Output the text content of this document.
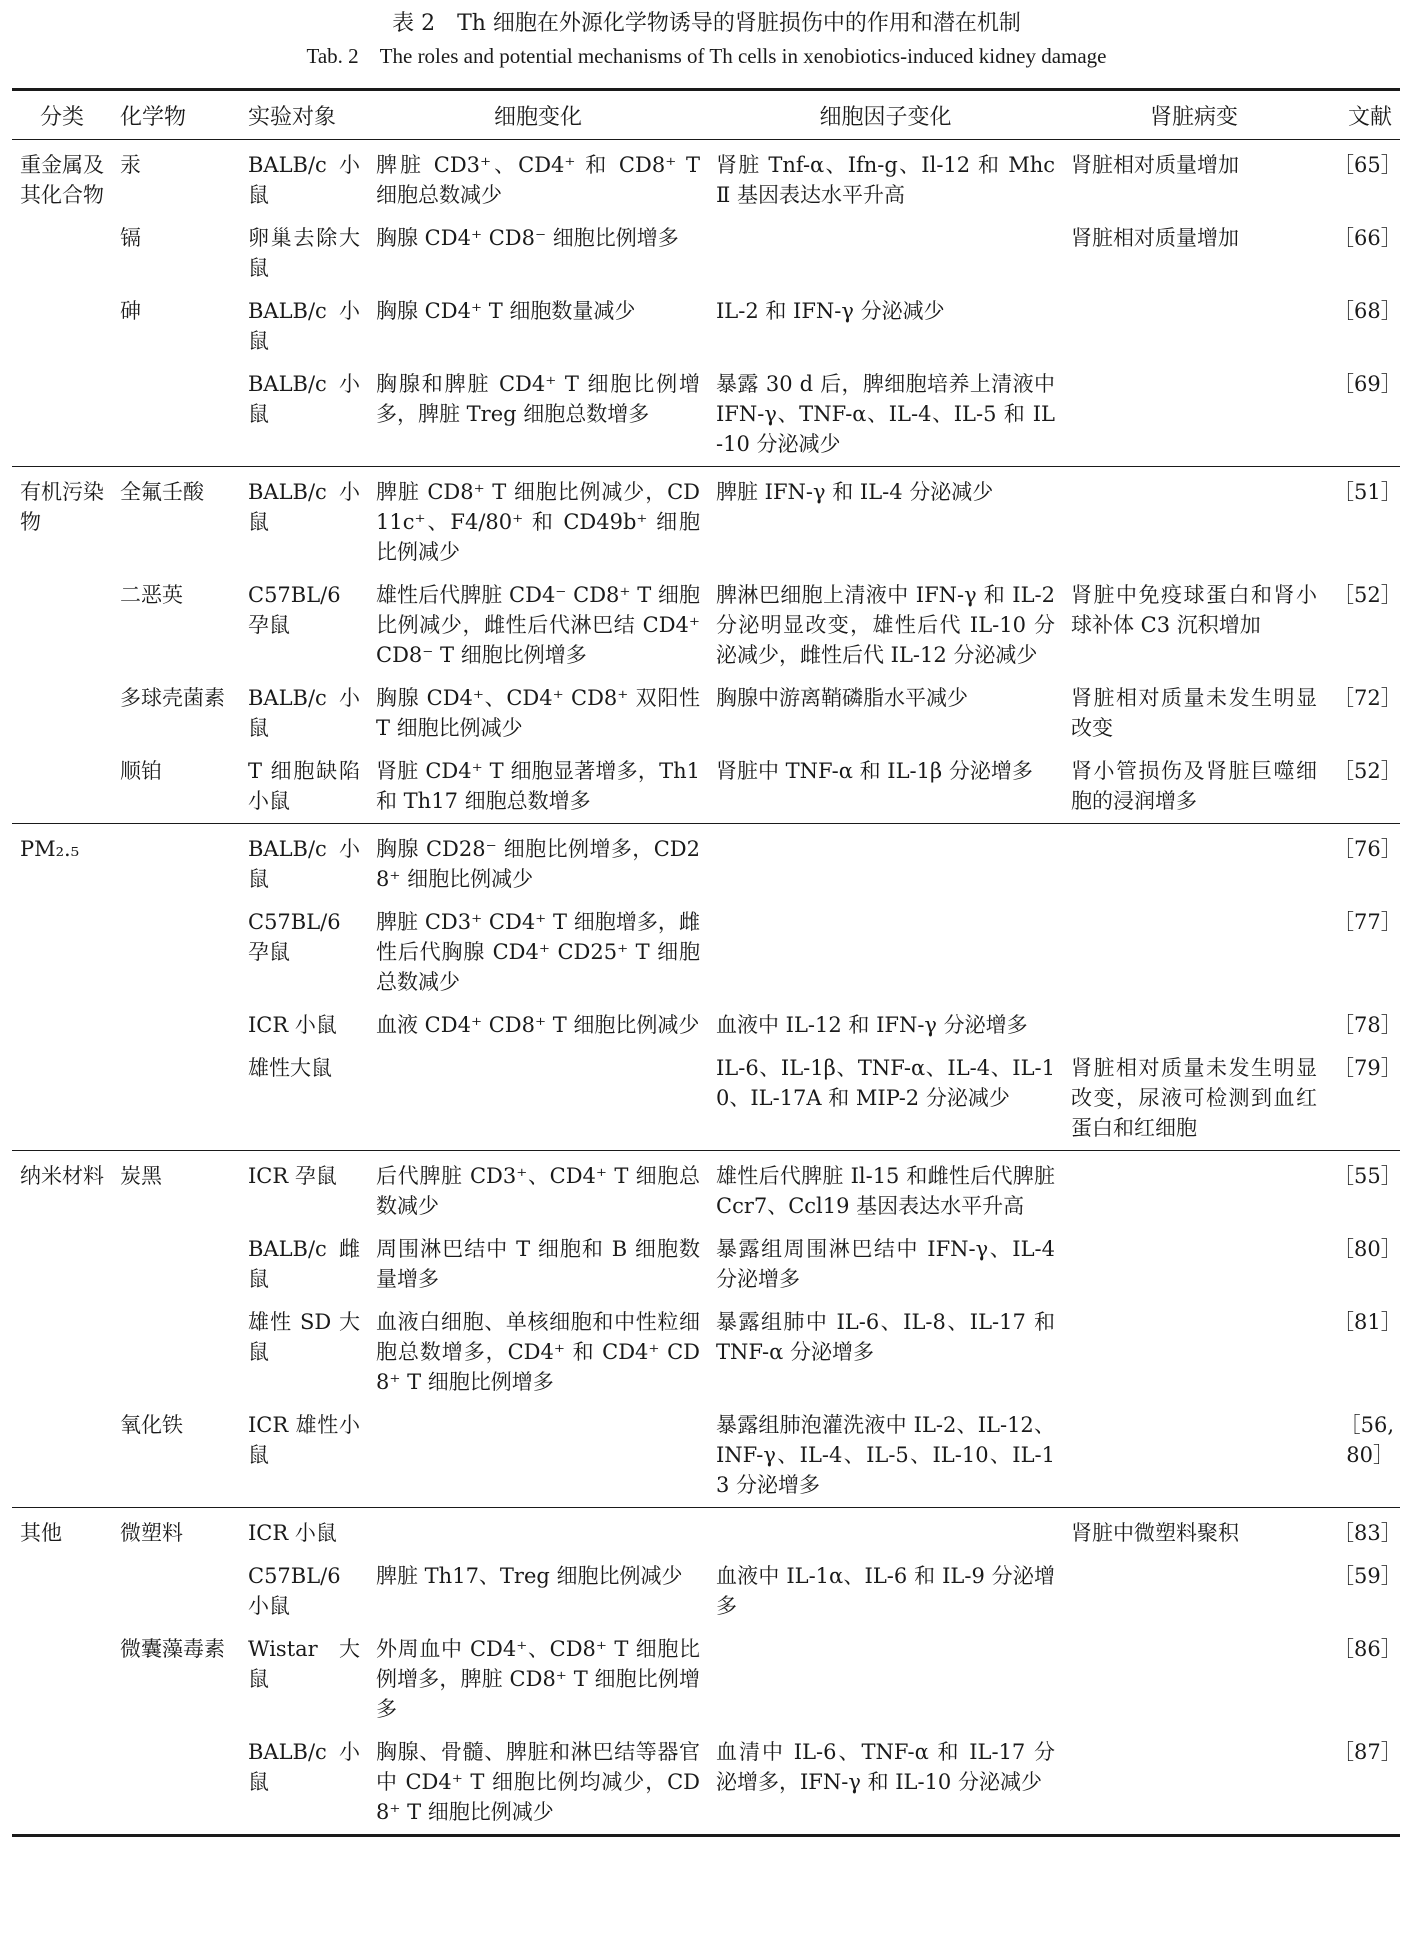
表 2　Th 细胞在外源化学物诱导的肾脏损伤中的作用和潜在机制
Tab. 2　The roles and potential mechanisms of Th cells in xenobiotics-induced kidney damage
分类	化学物	实验对象	细胞变化	细胞因子变化	肾脏病变	文献

重金属及其化合物	汞	BALB/c 小鼠	脾脏 CD3⁺、CD4⁺ 和 CD8⁺ T 细胞总数减少	肾脏 Tnf-α、Ifn-g、Il-12 和 Mhc Ⅱ 基因表达水平升高	肾脏相对质量增加	［65］

	镉	卵巢去除大鼠	胸腺 CD4⁺ CD8⁻ 细胞比例增多		肾脏相对质量增加	［66］

	砷	BALB/c 小鼠	胸腺 CD4⁺ T 细胞数量减少	IL-2 和 IFN-γ 分泌减少		［68］

		BALB/c 小鼠	胸腺和脾脏 CD4⁺ T 细胞比例增多，脾脏 Treg 细胞总数增多	暴露 30 d 后，脾细胞培养上清液中 IFN-γ、TNF-α、IL-4、IL-5 和 IL-10 分泌减少		［69］

有机污染物	全氟壬酸	BALB/c 小鼠	脾脏 CD8⁺ T 细胞比例减少，CD11c⁺、F4/80⁺ 和 CD49b⁺ 细胞比例减少	脾脏 IFN-γ 和 IL-4 分泌减少		［51］

	二恶英	C57BL/6 孕鼠	雄性后代脾脏 CD4⁻ CD8⁺ T 细胞比例减少，雌性后代淋巴结 CD4⁺ CD8⁻ T 细胞比例增多	脾淋巴细胞上清液中 IFN-γ 和 IL-2 分泌明显改变，雄性后代 IL-10 分泌减少，雌性后代 IL-12 分泌减少	肾脏中免疫球蛋白和肾小球补体 C3 沉积增加	［52］

	多球壳菌素	BALB/c 小鼠	胸腺 CD4⁺、CD4⁺ CD8⁺ 双阳性 T 细胞比例减少	胸腺中游离鞘磷脂水平减少	肾脏相对质量未发生明显改变	［72］

	顺铂	T 细胞缺陷小鼠	肾脏 CD4⁺ T 细胞显著增多，Th1 和 Th17 细胞总数增多	肾脏中 TNF-α 和 IL-1β 分泌增多	肾小管损伤及肾脏巨噬细胞的浸润增多	［52］

PM₂.₅		BALB/c 小鼠	胸腺 CD28⁻ 细胞比例增多，CD28⁺ 细胞比例减少			［76］

		C57BL/6 孕鼠	脾脏 CD3⁺ CD4⁺ T 细胞增多，雌性后代胸腺 CD4⁺ CD25⁺ T 细胞总数减少			［77］

		ICR 小鼠	血液 CD4⁺ CD8⁺ T 细胞比例减少	血液中 IL-12 和 IFN-γ 分泌增多		［78］

		雄性大鼠		IL-6、IL-1β、TNF-α、IL-4、IL-10、IL-17A 和 MIP-2 分泌减少	肾脏相对质量未发生明显改变，尿液可检测到血红蛋白和红细胞	［79］

纳米材料	炭黑	ICR 孕鼠	后代脾脏 CD3⁺、CD4⁺ T 细胞总数减少	雄性后代脾脏 Il-15 和雌性后代脾脏 Ccr7、Ccl19 基因表达水平升高		［55］

		BALB/c 雌鼠	周围淋巴结中 T 细胞和 B 细胞数量增多	暴露组周围淋巴结中 IFN-γ、IL-4 分泌增多		［80］

		雄性 SD 大鼠	血液白细胞、单核细胞和中性粒细胞总数增多，CD4⁺ 和 CD4⁺ CD8⁺ T 细胞比例增多	暴露组肺中 IL-6、IL-8、IL-17 和 TNF-α 分泌增多		［81］

	氧化铁	ICR 雄性小鼠		暴露组肺泡灌洗液中 IL-2、IL-12、INF-γ、IL-4、IL-5、IL-10、IL-13 分泌增多		［56,80］

其他	微塑料	ICR 小鼠			肾脏中微塑料聚积	［83］

		C57BL/6 小鼠	脾脏 Th17、Treg 细胞比例减少	血液中 IL-1α、IL-6 和 IL-9 分泌增多		［59］

	微囊藻毒素	Wistar 大鼠	外周血中 CD4⁺、CD8⁺ T 细胞比例增多，脾脏 CD8⁺ T 细胞比例增多			［86］

		BALB/c 小鼠	胸腺、骨髓、脾脏和淋巴结等器官中 CD4⁺ T 细胞比例均减少，CD8⁺ T 细胞比例减少	血清中 IL-6、TNF-α 和 IL-17 分泌增多，IFN-γ 和 IL-10 分泌减少		［87］
